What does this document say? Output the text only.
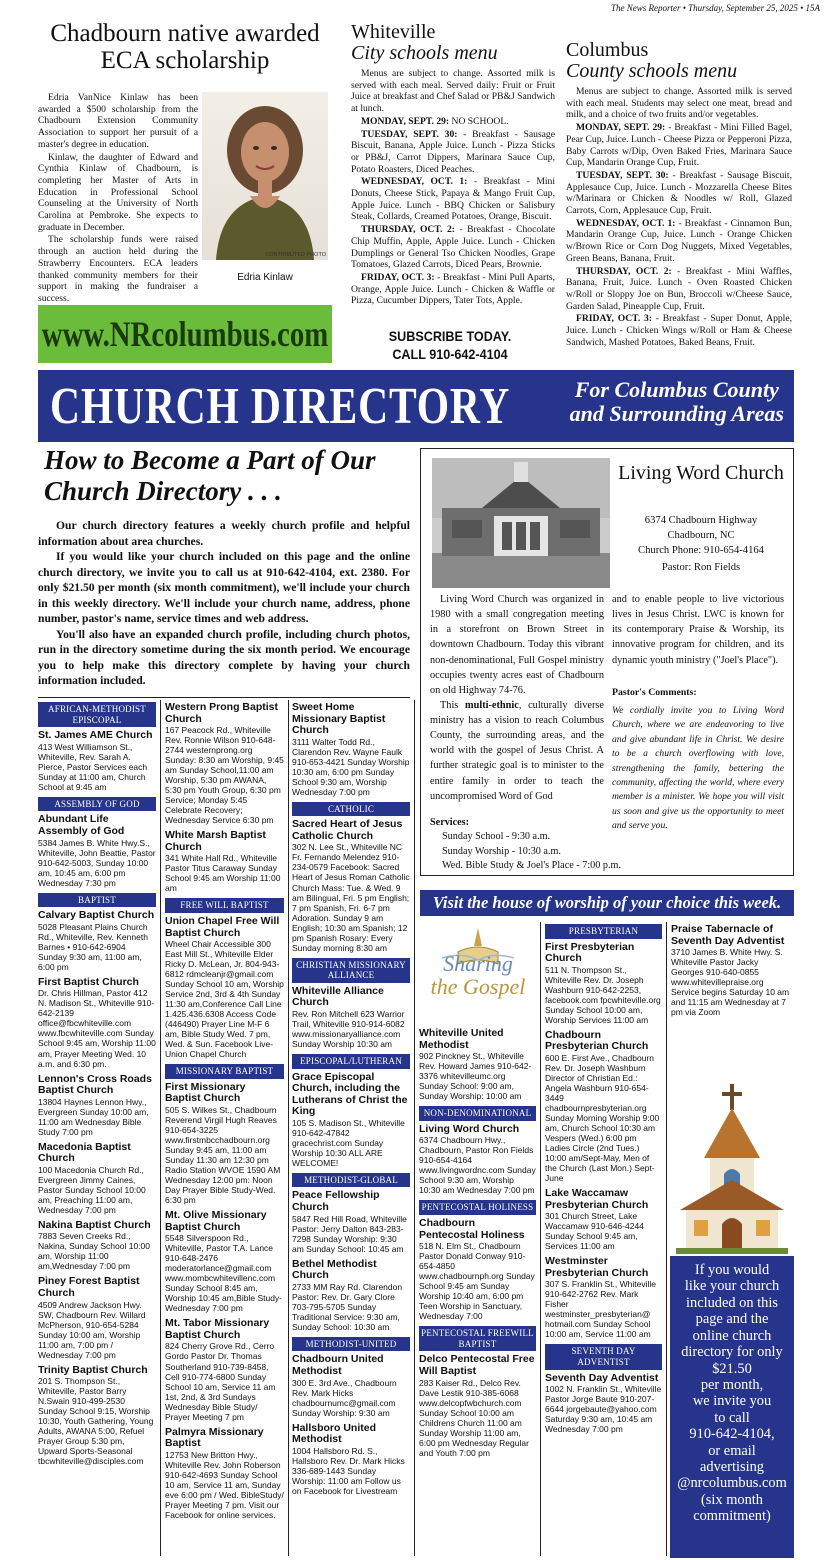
The News Reporter • Thursday, September 25, 2025 • 15A
Chadbourn native awarded ECA scholarship

Edria VanNice Kinlaw has been awarded a $500 scholarship from the Chadbourn Extension Community Association to support her pursuit of a master's degree in education.

Kinlaw, the daughter of Edward and Cynthia Kinlaw of Chadbourn, is completing her Master of Arts in Education in Professional School Counseling at the University of North Carolina at Pembroke. She expects to graduate in December.

The scholarship funds were raised through an auction held during the Strawberry Encounters. ECA leaders thanked community members for their support in making the fundraiser a success.

CONTRIBUTED PHOTO
Edria Kinlaw
www.NRcolumbus.com
Whiteville
City schools menu

Menus are subject to change. Assorted milk is served with each meal. Served daily: Fruit or Fruit Juice at breakfast and Chef Salad or PB&J Sandwich at lunch.

MONDAY, SEPT. 29: NO SCHOOL.

TUESDAY, SEPT. 30: - Breakfast - Sausage Biscuit, Banana, Apple Juice. Lunch - Pizza Sticks or PB&J, Carrot Dippers, Marinara Sauce Cup, Potato Roasters, Diced Peaches.

WEDNESDAY, OCT. 1: - Breakfast - Mini Donuts, Cheese Stick, Papaya & Mango Fruit Cup, Apple Juice. Lunch - BBQ Chicken or Salisbury Steak, Collards, Creamed Potatoes, Orange, Biscuit.

THURSDAY, OCT. 2: - Breakfast - Chocolate Chip Muffin, Apple, Apple Juice. Lunch - Chicken Dumplings or General Tso Chicken Noodles, Grape Tomatoes, Glazed Carrots, Diced Pears, Brownie.

FRIDAY, OCT. 3: - Breakfast - Mini Pull Aparts, Orange, Apple Juice. Lunch - Chicken & Waffle or Pizza, Cucumber Dippers, Tater Tots, Apple.

SUBSCRIBE TODAY.
CALL 910-642-4104
Columbus
County schools menu

Menus are subject to change. Assorted milk is served with each meal. Students may select one meat, bread and milk, and a choice of two fruits and/or vegetables.

MONDAY, SEPT. 29: - Breakfast - Mini Filled Bagel, Pear Cup, Juice. Lunch - Cheese Pizza or Pepperoni Pizza, Baby Carrots w/Dip, Oven Baked Fries, Marinara Sauce Cup, Mandarin Orange Cup, Fruit.

TUESDAY, SEPT. 30: - Breakfast - Sausage Biscuit, Applesauce Cup, Juice. Lunch - Mozzarella Cheese Bites w/Marinara or Chicken & Noodles w/ Roll, Glazed Carrots, Corn, Applesauce Cup, Fruit.

WEDNESDAY, OCT. 1: - Breakfast - Cinnamon Bun, Mandarin Orange Cup, Juice. Lunch - Orange Chicken w/Brown Rice or Corn Dog Nuggets, Mixed Vegetables, Green Beans, Banana, Fruit.

THURSDAY, OCT. 2: - Breakfast - Mini Waffles, Banana, Fruit, Juice. Lunch - Oven Roasted Chicken w/Roll or Sloppy Joe on Bun, Broccoli w/Cheese Sauce, Garden Salad, Pineapple Cup, Fruit.

FRIDAY, OCT. 3: - Breakfast - Super Donut, Apple, Juice. Lunch - Chicken Wings w/Roll or Ham & Cheese Sandwich, Mashed Potatoes, Baked Beans, Fruit.

CHURCH DIRECTORY	For Columbus County
and Surrounding Areas
How to Become a Part of Our
Church Directory . . .

Our church directory features a weekly church profile and helpful information about area churches.

If you would like your church included on this page and the online church directory, we invite you to call us at 910-642-4104, ext. 2380. For only $21.50 per month (six month commitment), we'll include your church in this weekly directory. We'll include your church name, address, phone number, pastor's name, service times and web address.

You'll also have an expanded church profile, including church photos, run in the directory sometime during the six month period. We encourage you to help make this directory complete by having your church information included.

Living Word Church
6374 Chadbourn Highway
Chadbourn, NC
Church Phone: 910-654-4164
Pastor: Ron Fields

Living Word Church was organized in 1980 with a small congregation meeting in a storefront on Brown Street in downtown Chadbourn. Today this vibrant non-denominational, Full Gospel ministry occupies twenty acres east of Chadbourn on old Highway 74-76.

This multi-ethnic, culturally diverse ministry has a vision to reach Columbus County, the surrounding areas, and the world with the gospel of Jesus Christ. A further strategic goal is to minister to the entire family in order to teach the uncompromised Word of God

and to enable people to live victorious lives in Jesus Christ. LWC is known for its contemporary Praise & Worship, its innovative program for children, and its dynamic youth ministry ("Joel's Place").

Pastor's Comments:

We cordially invite you to Living Word Church, where we are endeavoring to live and give abundant life in Christ. We desire to be a church overflowing with love, strengthening the family, bettering the community, affecting the world, where every member is a minister. We hope you will visit us soon and give us the opportunity to meet and serve you.

Services:
Sunday School - 9:30 a.m.
Sunday Worship - 10:30 a.m.
Wed. Bible Study & Joel's Place - 7:00 p.m.
Visit the house of worship of your choice this week.
Sharing
the Gospel
AFRICAN-METHODIST EPISCOPAL
St. James AME Church
413 West Williamson St., Whiteville, Rev. Sarah A. Pierce, Pastor Services each Sunday at 11:00 am, Church School at 9:45 am
ASSEMBLY OF GOD
Abundant Life Assembly of God
5384 James B. White Hwy.S., Whiteville, John Beattie, Pastor 910-642-5003, Sunday 10:00 am, 10:45 am, 6:00 pm Wednesday 7:30 pm
BAPTIST
Calvary Baptist Church
5028 Pleasant Plains Church Rd., Whiteville, Rev. Kenneth Barnes • 910-642-6904 Sunday 9:30 am, 11:00 am, 6:00 pm
First Baptist Church
Dr. Chris Hillman, Pastor 412 N. Madison St., Whiteville 910-642-2139 office@fbcwhiteville.com www.fbcwhiteville.com Sunday School 9:45 am, Worship 11:00 am, Prayer Meeting Wed. 10 a.m. and 6:30 pm.
Lennon's Cross Roads Baptist Church
13804 Haynes Lennon Hwy., Evergreen Sunday 10:00 am, 11:00 am Wednesday Bible Study 7:00 pm
Macedonia Baptist Church
100 Macedonia Church Rd., Evergreen Jimmy Caines, Pastor Sunday School 10:00 am, Preaching 11:00 am, Wednesday 7:00 pm
Nakina Baptist Church
7883 Seven Creeks Rd., Nakina, Sunday School 10:00 am, Worship 11:00 am,Wednesday 7:00 pm
Piney Forest Baptist Church
4509 Andrew Jackson Hwy. SW, Chadbourn Rev. Willard McPherson, 910-654-5284 Sunday 10:00 am, Worship 11:00 am, 7:00 pm / Wednesday 7:00 pm
Trinity Baptist Church
201 S. Thompson St., Whiteville, Pastor Barry N.Swain 910-499-2530 Sunday School 9:15, Worship 10:30, Youth Gathering, Young Adults, AWANA 5:00, Refuel Prayer Group 5:30 pm, Upward Sports-Seasonal tbcwhiteville@disciples.com
Western Prong Baptist Church
167 Peacock Rd., Whiteville Rev. Ronnie Wilson 910-648-2744 westernprong.org Sunday: 8:30 am Worship, 9:45 am Sunday School,11:00 am Worship, 5:30 pm AWANA, 5:30 pm Youth Group, 6:30 pm Service; Monday 5:45 Celebrate Recovery; Wednesday Service 6:30 pm
White Marsh Baptist Church
341 White Hall Rd., Whiteville Pastor Titus Caraway Sunday School 9:45 am Worship 11:00 am
FREE WILL BAPTIST
Union Chapel Free Will Baptist Church
Wheel Chair Accessible 300 East Mill St., Whiteville Elder Ricky D. McLean, Jr. 804-943-6812 rdmcleanjr@gmail.com Sunday School 10 am, Worship Service 2nd, 3rd & 4th Sunday 11:30 am,Conference Call Line 1.425.436.6308 Access Code (446490) Prayer Line M-F 6 am, Bible Study Wed. 7 pm, Wed. & Sun. Facebook Live-Union Chapel Church
MISSIONARY BAPTIST
First Missionary Baptist Church
505 S. Wilkes St., Chadbourn Reverend Virgil Hugh Reaves 910-654-3225 www.firstmbcchadbourn.org Sunday 9:45 am, 11:00 am Sunday 11:30 am 12:30 pm Radio Station WVOE 1590 AM Wednesday 12:00 pm: Noon Day Prayer Bible Study-Wed. 6:30 pm
Mt. Olive Missionary Baptist Church
5548 Silverspoon Rd., Whiteville, Pastor T.A. Lance 910-648-2476 moderatorlance@gmail.com www.mombcwhitevillenc.com Sunday School 8:45 am, Worship 10:45 am,Bible Study-Wednesday 7:00 pm
Mt. Tabor Missionary Baptist Church
824 Cherry Grove Rd., Cerro Gordo Pastor Dr. Thomas Southerland 910-739-8458, Cell 910-774-6800 Sunday School 10 am, Service 11 am 1st, 2nd, & 3rd Sundays Wednesday Bible Study/ Prayer Meeting 7 pm
Palmyra Missionary Baptist
12753 New Britton Hwy., Whiteville Rev. John Roberson 910-642-4693 Sunday School 10 am, Service 11 am, Sunday eve 6:00 pm / Wed. BibleStudy/ Prayer Meeting 7 pm. Visit our Facebook for online services.
Sweet Home Missionary Baptist Church
3111 Walter Todd Rd., Clarendon Rev. Wayne Faulk 910-653-4421 Sunday Worship 10:30 am, 6:00 pm Sunday School 9:30 am, Worship Wednesday 7:00 pm
CATHOLIC
Sacred Heart of Jesus Catholic Church
302 N. Lee St., Whiteville NC Fr. Fernando Melendez 910-234-0579 Facebook: Sacred Heart of Jesus Roman Catholic Church Mass: Tue. & Wed. 9 am Bilingual, Fri. 5 pm English; 7 pm Spanish, Fri. 6-7 pm Adoration. Sunday 9 am English; 10:30 am Spanish; 12 pm Spanish Rosary: Every Sunday morning 8:30 am
CHRISTIAN MISSIONARY ALLIANCE
Whiteville Alliance Church
Rev. Ron Mitchell 623 Warrior Trail, Whiteville 910-914-6082 www.missionaryalliance.com Sunday Worship 10:30 am
EPISCOPAL/LUTHERAN
Grace Episcopal Church, including the Lutherans of Christ the King
105 S. Madison St., Whiteville 910-642-47842 gracechrist.com Sunday Worship 10:30 ALL ARE WELCOME!
METHODIST-GLOBAL
Peace Fellowship Church
5847 Red Hill Road, Whiteville Pastor: Jerry Dalton 843-283-7298 Sunday Worship: 9:30 am Sunday School: 10:45 am
Bethel Methodist Church
2733 MM Ray Rd. Clarendon Pastor: Rev. Dr. Gary Clore 703-795-5705 Sunday Traditional Service: 9:30 am, Sunday School: 10:30 am
METHODIST-UNITED
Chadbourn United Methodist
300 E. 3rd Ave., Chadbourn Rev. Mark Hicks chadbournumc@gmail.com Sunday Worship: 9:30 am
Hallsboro United Methodist
1004 Hallsboro Rd. S., Hallsboro Rev. Dr. Mark Hicks 336-689-1443 Sunday Worship: 11:00 am Follow us on Facebook for Livestream
Whiteville United Methodist
902 Pinckney St., Whiteville Rev. Howard James 910-642-3376 whitevilleumc.org Sunday School: 9:00 am, Sunday Worship: 10:00 am
NON-DENOMINATIONAL
Living Word Church
6374 Chadbourn Hwy., Chadbourn, Pastor Ron Fields 910-654-4164 www.livingwordnc.com Sunday School 9:30 am, Worship 10:30 am Wednesday 7:00 pm
PENTECOSTAL HOLINESS
Chadbourn Pentecostal Holiness
518 N. Elm St., Chadbourn Pastor Donald Conway 910-654-4850 www.chadbournph.org Sunday School 9:45 am Sunday Worship 10:40 am, 6:00 pm Teen Worship in Sanctuary, Wednesday 7:00
PENTECOSTAL FREEWILL BAPTIST
Delco Pentecostal Free Will Baptist
283 Kaiser Rd., Delco Rev. Dave Lestik 910-385-6068 www.delcopfwbchurch.com Sunday School 10:00 am Childrens Church 11:00 am Sunday Worship 11:00 am, 6:00 pm Wednesday Regular and Youth 7:00 pm
PRESBYTERIAN
First Presbyterian Church
511 N. Thompson St., Whiteville Rev. Dr. Joseph Washburn 910-642-2253, facebook.com fpcwhiteville.org Sunday School 10:00 am, Worship Services 11:00 am
Chadbourn Presbyterian Church
600 E. First Ave., Chadbourn Rev. Dr. Joseph Washburn Director of Christian Ed.: Angela Washburn 910-654-3449 chadbournpresbyterian.org Sunday Morning Worship 9:00 am, Church School 10:30 am Vespers (Wed.) 6:00 pm Ladies Circle (2nd Tues.) 10:00 am/Sept-May, Men of the Church (Last Mon.) Sept-June
Lake Waccamaw Presbyterian Church
301 Church Street, Lake Waccamaw 910-646-4244 Sunday School 9:45 am, Services 11:00 am
Westminster Presbyterian Church
307 S. Franklin St., Whiteville 910-642-2762 Rev. Mark Fisher westminster_presbyterian@ hotmail.com Sunday School 10:00 am, Service 11:00 am
SEVENTH DAY ADVENTIST
Seventh Day Adventist
1002 N. Franklin St., Whiteville Pastor Jorge Baute 910-207-6644 jorgebaute@yahoo.com Saturday 9:30 am, 10:45 am Wednesday 7:00 pm
Praise Tabernacle of Seventh Day Adventist
3710 James B. White Hwy. S. Whiteville Pastor Jacky Georges 910-640-0855 www.whitevillepraise.org Service begins Saturday 10 am and 11:15 am Wednesday at 7 pm via Zoom
If you would
like your church
included on this
page and the
online church
directory for only
$21.50
per month,
we invite you
to call
910-642-4104,
or email
advertising
@nrcolumbus.com
(six month
commitment)
